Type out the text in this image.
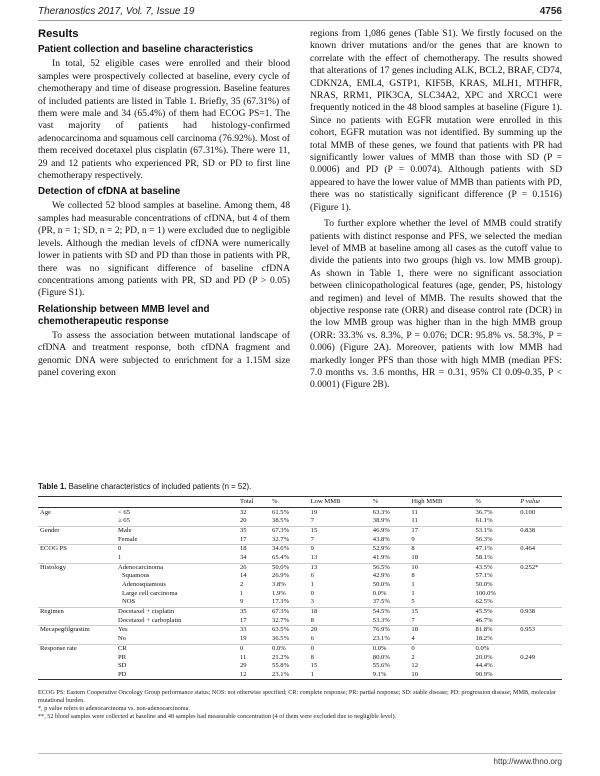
Theranostics 2017, Vol. 7, Issue 19	4756
Results
Patient collection and baseline characteristics

In total, 52 eligible cases were enrolled and their blood samples were prospectively collected at baseline, every cycle of chemotherapy and time of disease progression. Baseline features of included patients are listed in Table 1. Briefly, 35 (67.31%) of them were male and 34 (65.4%) of them had ECOG PS=1. The vast majority of patients had histology-confirmed adenocarcinoma and squamous cell carcinoma (76.92%). Most of them received docetaxel plus cisplatin (67.31%). There were 11, 29 and 12 patients who experienced PR, SD or PD to first line chemotherapy respectively.

Detection of cfDNA at baseline

We collected 52 blood samples at baseline. Among them, 48 samples had measurable concentrations of cfDNA, but 4 of them (PR, n = 1; SD, n = 2; PD, n = 1) were excluded due to negligible levels. Although the median levels of cfDNA were numerically lower in patients with SD and PD than those in patients with PR, there was no significant difference of baseline cfDNA concentrations among patients with PR, SD and PD (P > 0.05) (Figure S1).

Relationship between MMB level and chemotherapeutic response

To assess the association between mutational landscape of cfDNA and treatment response, both cfDNA fragment and genomic DNA were subjected to enrichment for a 1.15M size panel covering exon

regions from 1,086 genes (Table S1). We firstly focused on the known driver mutations and/or the genes that are known to correlate with the effect of chemotherapy. The results showed that alterations of 17 genes including ALK, BCL2, BRAF, CD74, CDKN2A, EML4, GSTP1, KIF5B, KRAS, MLH1, MTHFR, NRAS, RRM1, PIK3CA, SLC34A2, XPC and XRCC1 were frequently noticed in the 48 blood samples at baseline (Figure 1). Since no patients with EGFR mutation were enrolled in this cohort, EGFR mutation was not identified. By summing up the total MMB of these genes, we found that patients with PR had significantly lower values of MMB than those with SD (P = 0.0006) and PD (P = 0.0074). Although patients with SD appeared to have the lower value of MMB than patients with PD, there was no statistically significant difference (P = 0.1516) (Figure 1).

To further explore whether the level of MMB could stratify patients with distinct response and PFS, we selected the median level of MMB at baseline among all cases as the cutoff value to divide the patients into two groups (high vs. low MMB group). As shown in Table 1, there were no significant association between clinicopathological features (age, gender, PS, histology and regimen) and level of MMB. The results showed that the objective response rate (ORR) and disease control rate (DCR) in the low MMB group was higher than in the high MMB group (ORR: 33.3% vs. 8.3%, P = 0.076; DCR: 95.8% vs. 58.3%, P = 0.006) (Figure 2A). Moreover, patients with low MMB had markedly longer PFS than those with high MMB (median PFS: 7.0 months vs. 3.6 months, HR = 0.31, 95% CI 0.09-0.35, P < 0.0001) (Figure 2B).

Table 1. Baseline characteristics of included patients (n = 52).
		Total	%	Low MMB	%	High MMB	%	P value
Age	< 65	32	61.5%	19	63.3%	11	36.7%	0.100
	≥ 65	20	38.5%	7	38.9%	11	61.1%	
Gender	Male	35	67.3%	15	46.9%	17	53.1%	0.838
	Female	17	32.7%	7	43.8%	9	56.3%	
ECOG PS	0	18	34.6%	9	52.9%	8	47.1%	0.464
	1	34	65.4%	13	41.9%	18	58.1%	
Histology	Adenocarcinoma	26	50.0%	13	56.5%	10	43.5%	0.252*
	Squamous	14	26.9%	6	42.9%	8	57.1%	
	Adenosquamous	2	3.8%	1	50.0%	1	50.0%	
	Large cell carcinoma	1	1.9%	0	0.0%	1	100.0%	
	NOS	9	17.3%	3	37.5%	5	62.5%	
Regimen	Docetaxel + cisplatin	35	67.3%	18	54.5%	15	45.5%	0.938
	Docetaxel + carboplatin	17	32.7%	8	53.3%	7	46.7%	
Mecapegfilgrastim	Yes	33	63.5%	20	76.9%	18	81.8%	0.953
	No	19	36.5%	6	23.1%	4	18.2%	
Response rate	CR	0	0.0%	0	0.0%	0	0.0%	
	PR	11	21.2%	8	80.0%	2	20.0%	0.249
	SD	29	55.8%	15	55.6%	12	44.4%	
	PD	12	23.1%	1	9.1%	10	90.9%	
ECOG PS: Eastern Cooperative Oncology Group performance status; NOS: not otherwise specified; CR: complete response; PR: partial response; SD: stable disease; PD: progression disease; MMB, molecular mutational burden.
*, p value refers to adenocarcinoma vs. non-adenocarcinoma.
**, 52 blood samples were collected at baseline and 48 samples had measurable concentration (4 of them were excluded due to negligible level).
http://www.thno.org
